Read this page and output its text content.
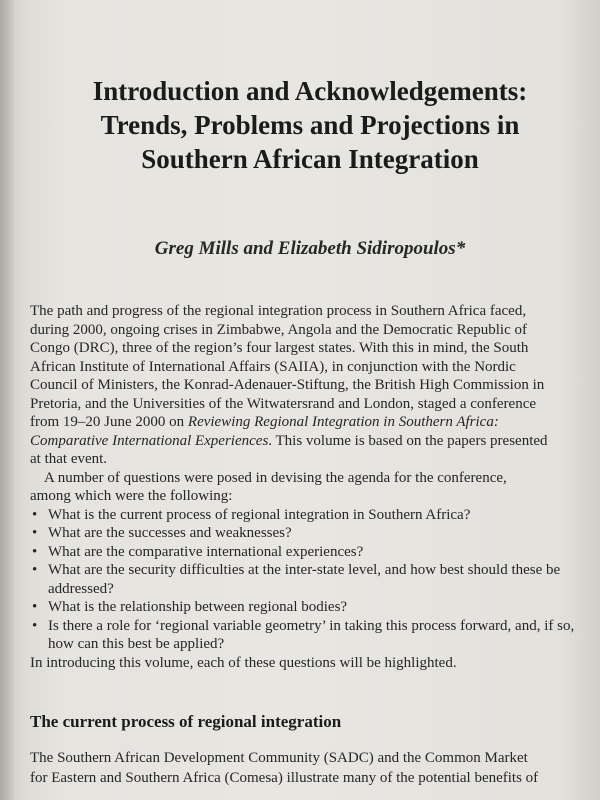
Introduction and Acknowledgements:
Trends, Problems and Projections in
Southern African Integration
Greg Mills and Elizabeth Sidiropoulos*
The path and progress of the regional integration process in Southern Africa faced,
during 2000, ongoing crises in Zimbabwe, Angola and the Democratic Republic of
Congo (DRC), three of the region’s four largest states. With this in mind, the South
African Institute of International Affairs (SAIIA), in conjunction with the Nordic
Council of Ministers, the Konrad-Adenauer-Stiftung, the British High Commission in
Pretoria, and the Universities of the Witwatersrand and London, staged a conference
from 19–20 June 2000 on Reviewing Regional Integration in Southern Africa:
Comparative International Experiences. This volume is based on the papers presented
at that event.
A number of questions were posed in devising the agenda for the conference,
among which were the following:
• What is the current process of regional integration in Southern Africa?
• What are the successes and weaknesses?
• What are the comparative international experiences?
• What are the security difficulties at the inter-state level, and how best should these be addressed?
• What is the relationship between regional bodies?
• Is there a role for ‘regional variable geometry’ in taking this process forward, and, if so, how can this best be applied?
In introducing this volume, each of these questions will be highlighted.
The current process of regional integration
The Southern African Development Community (SADC) and the Common Market
for Eastern and Southern Africa (Comesa) illustrate many of the potential benefits of
